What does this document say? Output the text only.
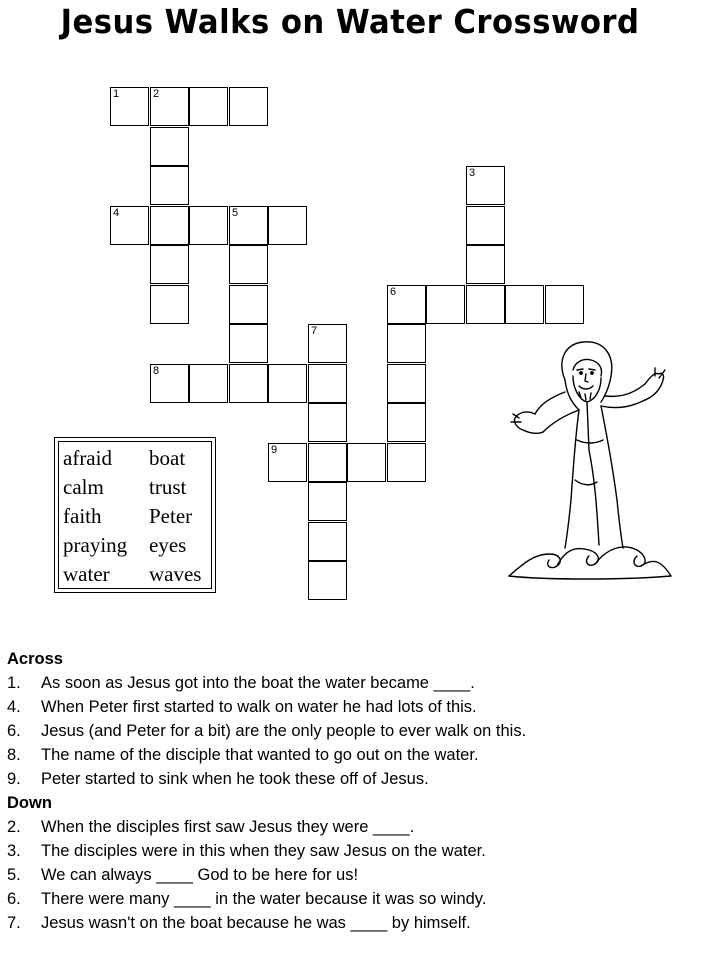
Jesus Walks on Water Crossword
1	2
3
4	5
6
7
8
9
afraid boat
calm trust
faith Peter
praying eyes
water waves
Across
1. As soon as Jesus got into the boat the water became ____.
4. When Peter first started to walk on water he had lots of this.
6. Jesus (and Peter for a bit) are the only people to ever walk on this.
8. The name of the disciple that wanted to go out on the water.
9. Peter started to sink when he took these off of Jesus.
Down
2. When the disciples first saw Jesus they were ____.
3. The disciples were in this when they saw Jesus on the water.
5. We can always ____ God to be here for us!
6. There were many ____ in the water because it was so windy.
7. Jesus wasn't on the boat because he was ____ by himself.
